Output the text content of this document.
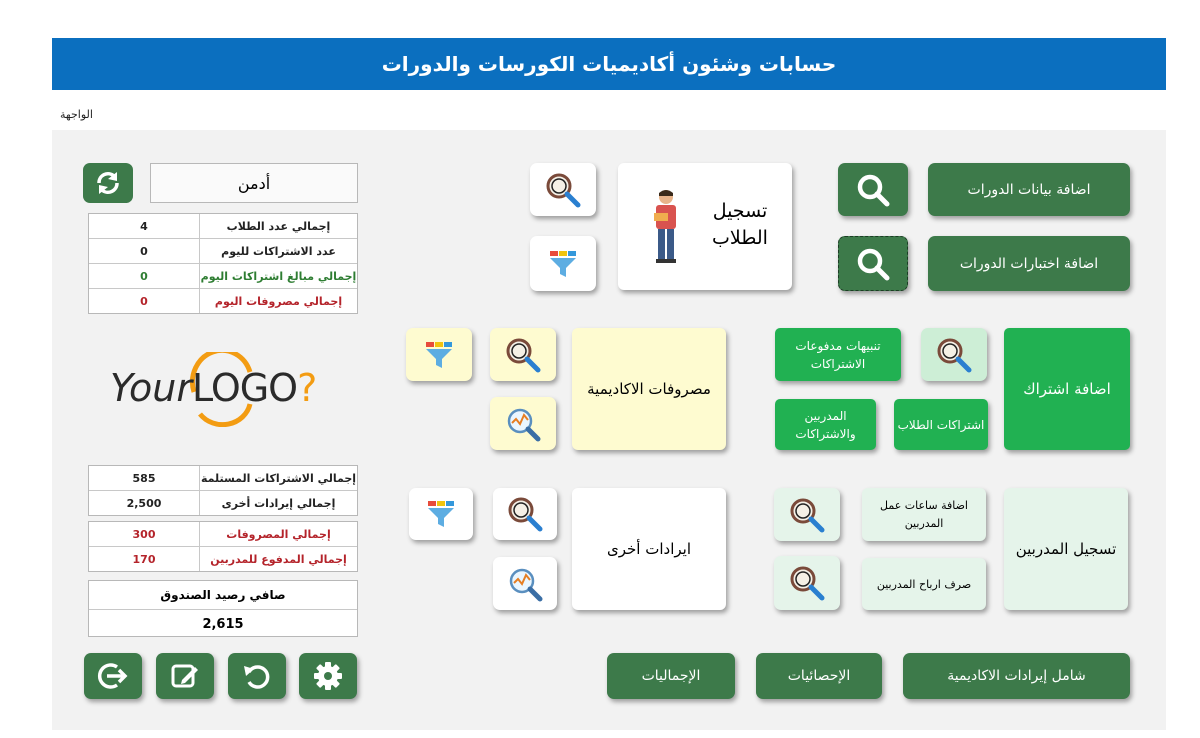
حسابات وشئون أكاديميات الكورسات والدورات
الواجهة
أدمن
4	إجمالي عدد الطلاب
0	عدد الاشتراكات لليوم
0	إجمالي مبالغ اشتراكات اليوم
0	إجمالي مصروفات اليوم
Your LOGO ?
585	إجمالي الاشتراكات المستلمة
2,500	إجمالي إيرادات أخرى
300	إجمالي المصروفات
170	إجمالي المدفوع للمدربين
صافي رصيد الصندوق
2,615
اضافة بيانات الدورات
اضافة اختبارات الدورات
تسجيل الطلاب
اضافة اشتراك
تنبيهات مدفوعات الاشتراكات
اشتراكات الطلاب
المدربين والاشتراكات
مصروفات الاكاديمية
تسجيل المدربين
اضافة ساعات عمل المدربين
صرف ارباح المدربين
ايرادات أخرى
شامل إيرادات الاكاديمية
الإحصائيات
الإجماليات
